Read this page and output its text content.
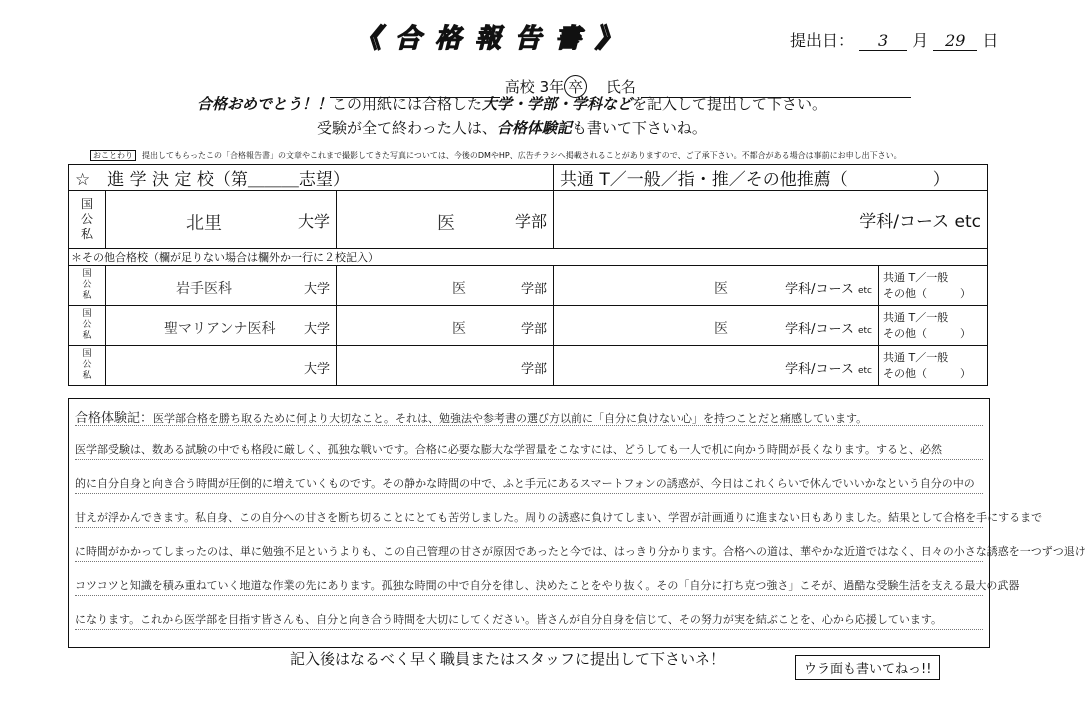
《合格報告書》	提出日： 3 月 29 日
高校 3年 卒 氏名
合格おめでとう！！この用紙には合格した大学・学部・学科などを記入して提出して下さい。
受験が全て終わった人は、合格体験記も書いて下さいね。
おことわり 提出してもらったこの「合格報告書」の文章やこれまで撮影してきた写真については、今後のDMやHP、広告チラシへ掲載されることがありますので、ご了承下さい。不都合がある場合は事前にお申し出下さい。
☆　進 学 決 定 校（第＿＿＿志望）			共通 T／一般／指・推／その他推薦（　　　　　）	
国
公
私	北里 大学	医 学部	学科/コース etc	

＊その他合格校（欄が足りない場合は欄外か一行に２校記入）				
国
公
私	岩手医科 大学	医 学部	医 学科/コース etc	共通 T／一般
その他（　　　）
国
公
私	聖マリアンナ医科 大学	医 学部	医 学科/コース etc	共通 T／一般
その他（　　　）
国
公
私	大学	学部	学科/コース etc	共通 T／一般
その他（　　　）
合格体験記：医学部合格を勝ち取るために何より大切なこと。それは、勉強法や参考書の選び方以前に「自分に負けない心」を持つことだと痛感しています。
医学部受験は、数ある試験の中でも格段に厳しく、孤独な戦いです。合格に必要な膨大な学習量をこなすには、どうしても一人で机に向かう時間が長くなります。すると、必然
的に自分自身と向き合う時間が圧倒的に増えていくものです。その静かな時間の中で、ふと手元にあるスマートフォンの誘惑が、今日はこれくらいで休んでいいかなという自分の中の
甘えが浮かんできます。私自身、この自分への甘さを断ち切ることにとても苦労しました。周りの誘惑に負けてしまい、学習が計画通りに進まない日もありました。結果として合格を手にするまで
に時間がかかってしまったのは、単に勉強不足というよりも、この自己管理の甘さが原因であったと今では、はっきり分かります。合格への道は、華やかな近道ではなく、日々の小さな誘惑を一つずつ退け
コツコツと知識を積み重ねていく地道な作業の先にあります。孤独な時間の中で自分を律し、決めたことをやり抜く。その「自分に打ち克つ強さ」こそが、過酷な受験生活を支える最大の武器
になります。これから医学部を目指す皆さんも、自分と向き合う時間を大切にしてください。皆さんが自分自身を信じて、その努力が実を結ぶことを、心から応援しています。
記入後はなるべく早く職員またはスタッフに提出して下さいネ！
ウラ面も書いてねっ!!
